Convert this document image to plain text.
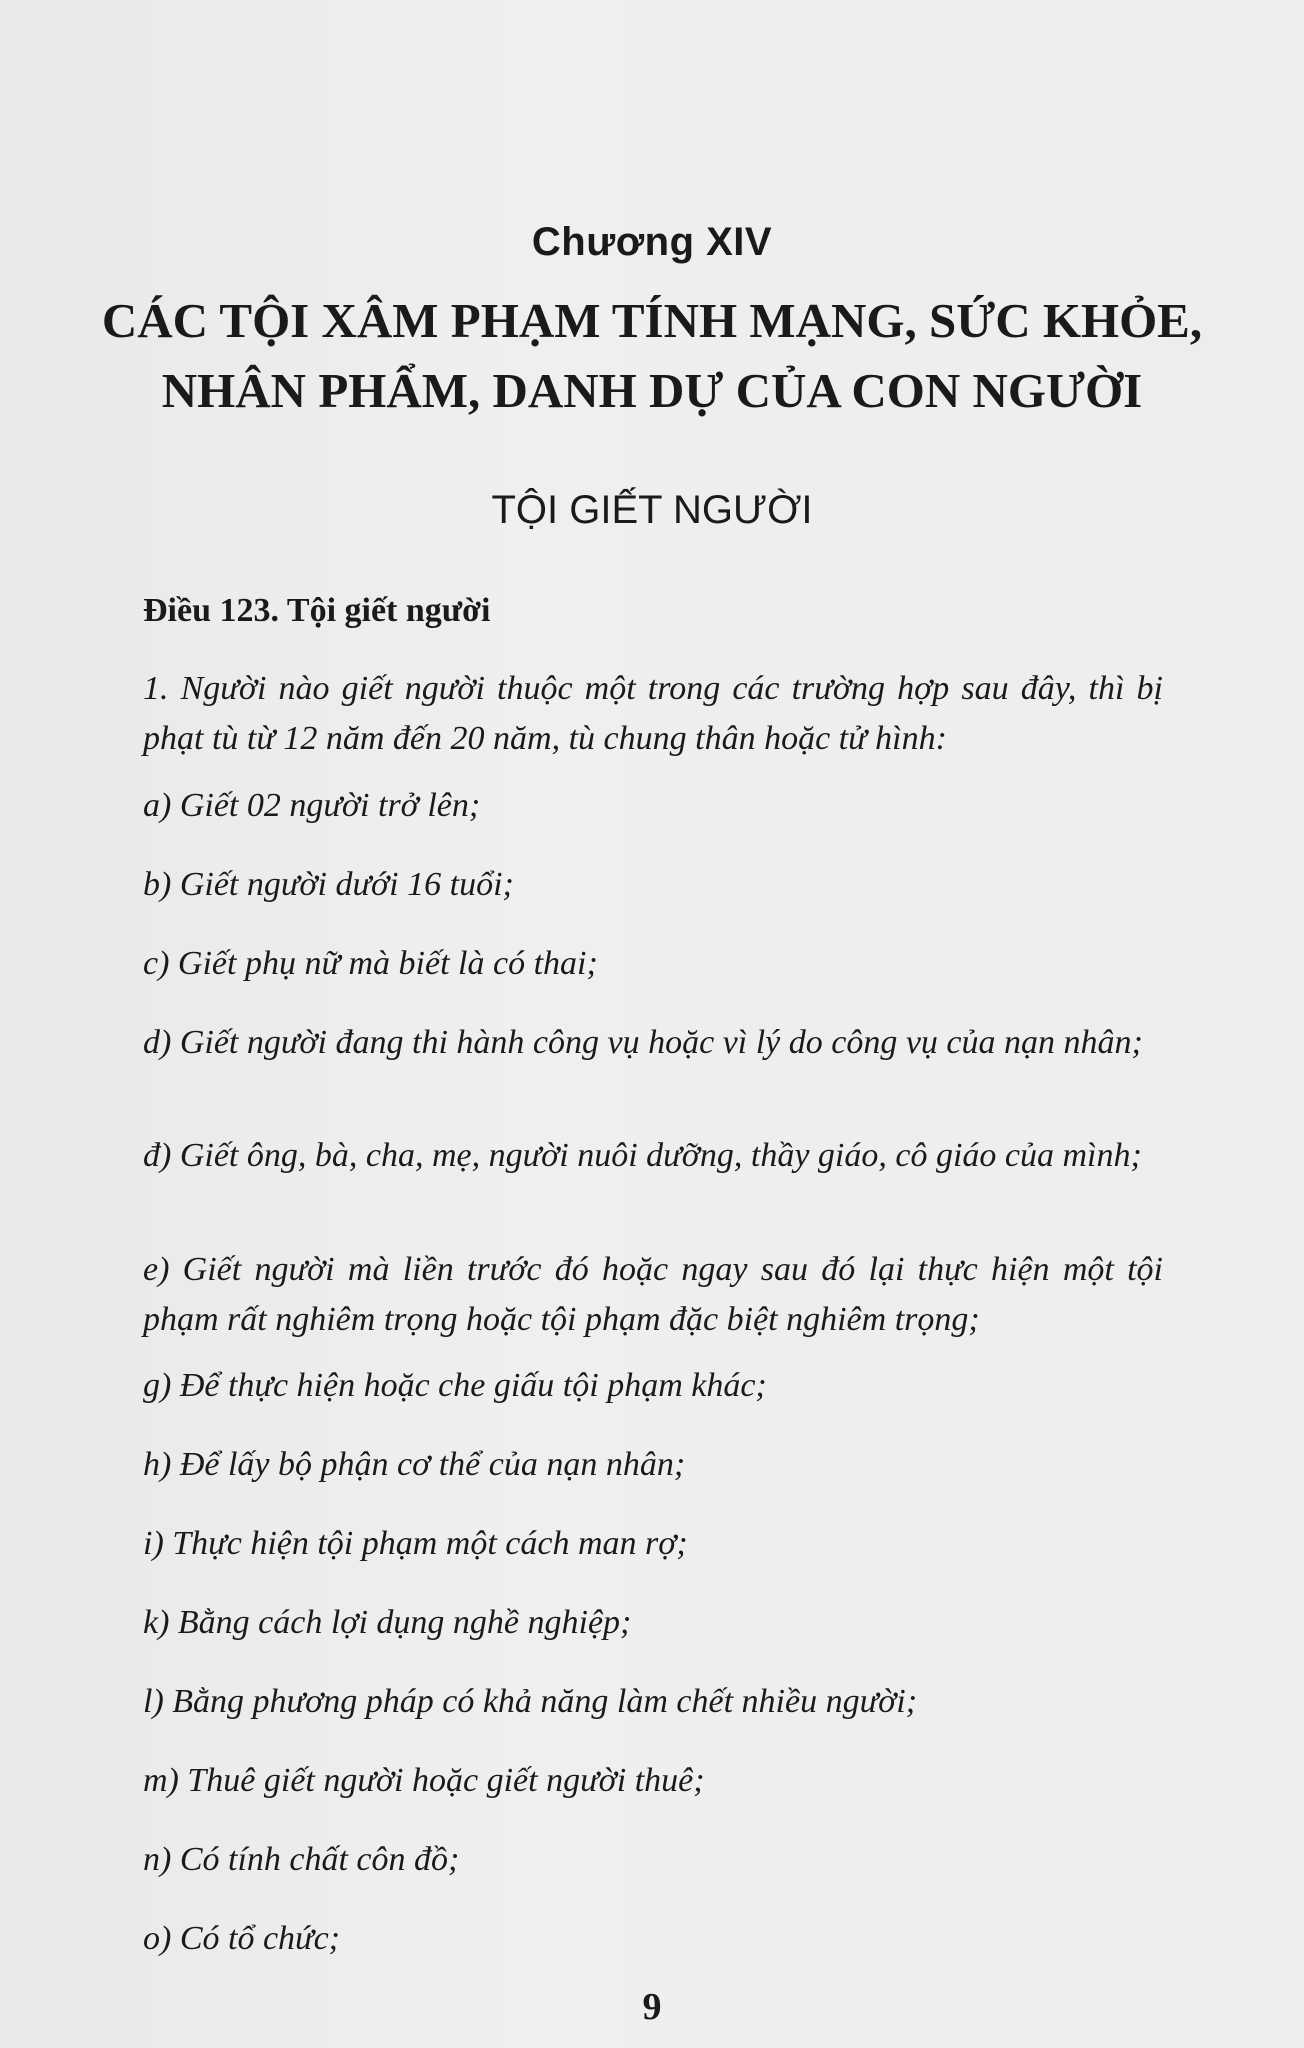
Chương XIV
CÁC TỘI XÂM PHẠM TÍNH MẠNG, SỨC KHỎE, NHÂN PHẨM, DANH DỰ CỦA CON NGƯỜI
TỘI GIẾT NGƯỜI
Điều 123. Tội giết người
1. Người nào giết người thuộc một trong các trường hợp sau đây, thì bị phạt tù từ 12 năm đến 20 năm, tù chung thân hoặc tử hình:
a) Giết 02 người trở lên;
b) Giết người dưới 16 tuổi;
c) Giết phụ nữ mà biết là có thai;
d) Giết người đang thi hành công vụ hoặc vì lý do công vụ của nạn nhân;
đ) Giết ông, bà, cha, mẹ, người nuôi dưỡng, thầy giáo, cô giáo của mình;
e) Giết người mà liền trước đó hoặc ngay sau đó lại thực hiện một tội phạm rất nghiêm trọng hoặc tội phạm đặc biệt nghiêm trọng;
g) Để thực hiện hoặc che giấu tội phạm khác;
h) Để lấy bộ phận cơ thể của nạn nhân;
i) Thực hiện tội phạm một cách man rợ;
k) Bằng cách lợi dụng nghề nghiệp;
l) Bằng phương pháp có khả năng làm chết nhiều người;
m) Thuê giết người hoặc giết người thuê;
n) Có tính chất côn đồ;
o) Có tổ chức;
9
